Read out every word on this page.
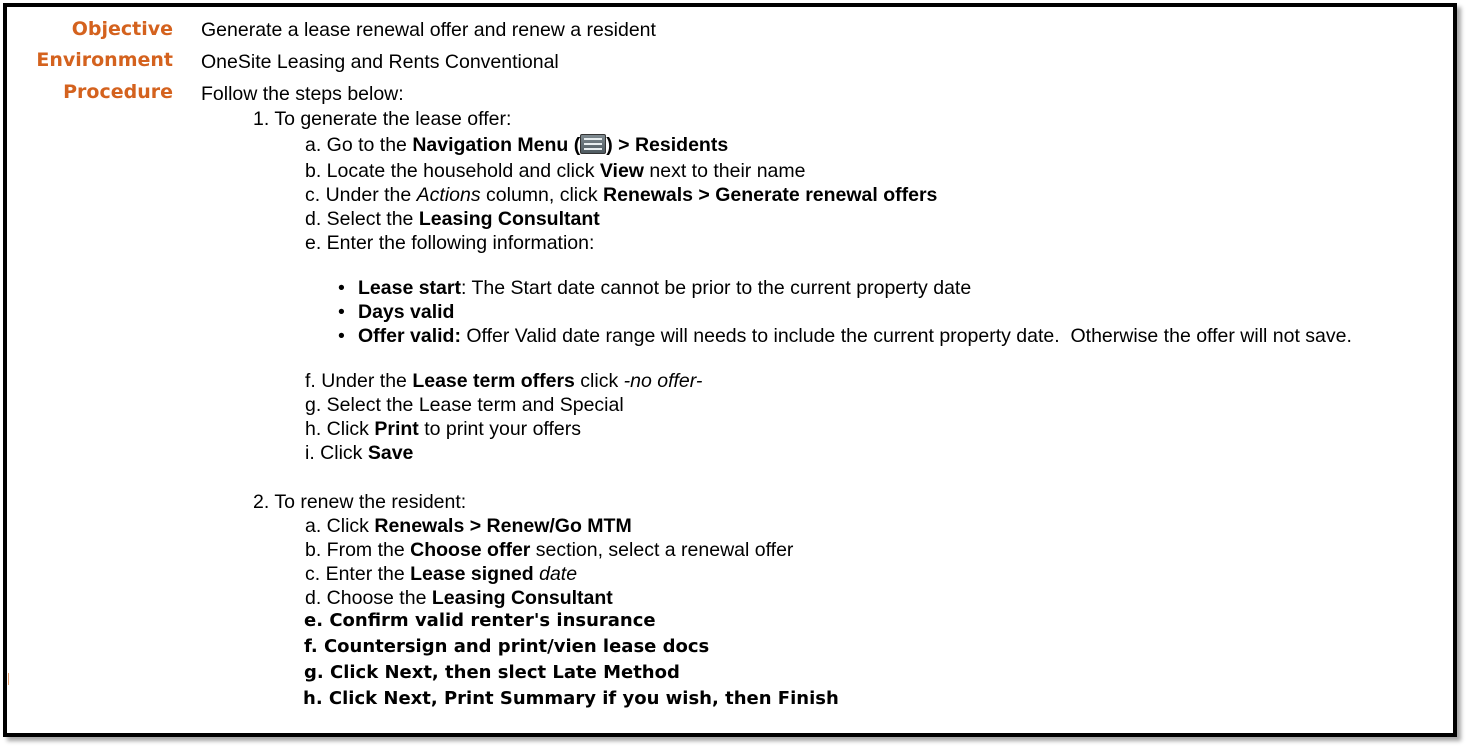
Objective
Environment
Procedure
Generate a lease renewal offer and renew a resident
OneSite Leasing and Rents Conventional
Follow the steps below:
1. To generate the lease offer:
a. Go to the Navigation Menu ( ) > Residents
b. Locate the household and click View next to their name
c. Under the Actions column, click Renewals > Generate renewal offers
d. Select the Leasing Consultant
e. Enter the following information:
• Lease start: The Start date cannot be prior to the current property date
• Days valid
• Offer valid: Offer Valid date range will needs to include the current property date.  Otherwise the offer will not save.
f. Under the Lease term offers click -no offer-
g. Select the Lease term and Special
h. Click Print to print your offers
i. Click Save
2. To renew the resident:
a. Click Renewals > Renew/Go MTM
b. From the Choose offer section, select a renewal offer
c. Enter the Lease signed date
d. Choose the Leasing Consultant
e. Confirm valid renter's insurance
f. Countersign and print/vien lease docs
g. Click Next, then slect Late Method
h. Click Next, Print Summary if you wish, then Finish
